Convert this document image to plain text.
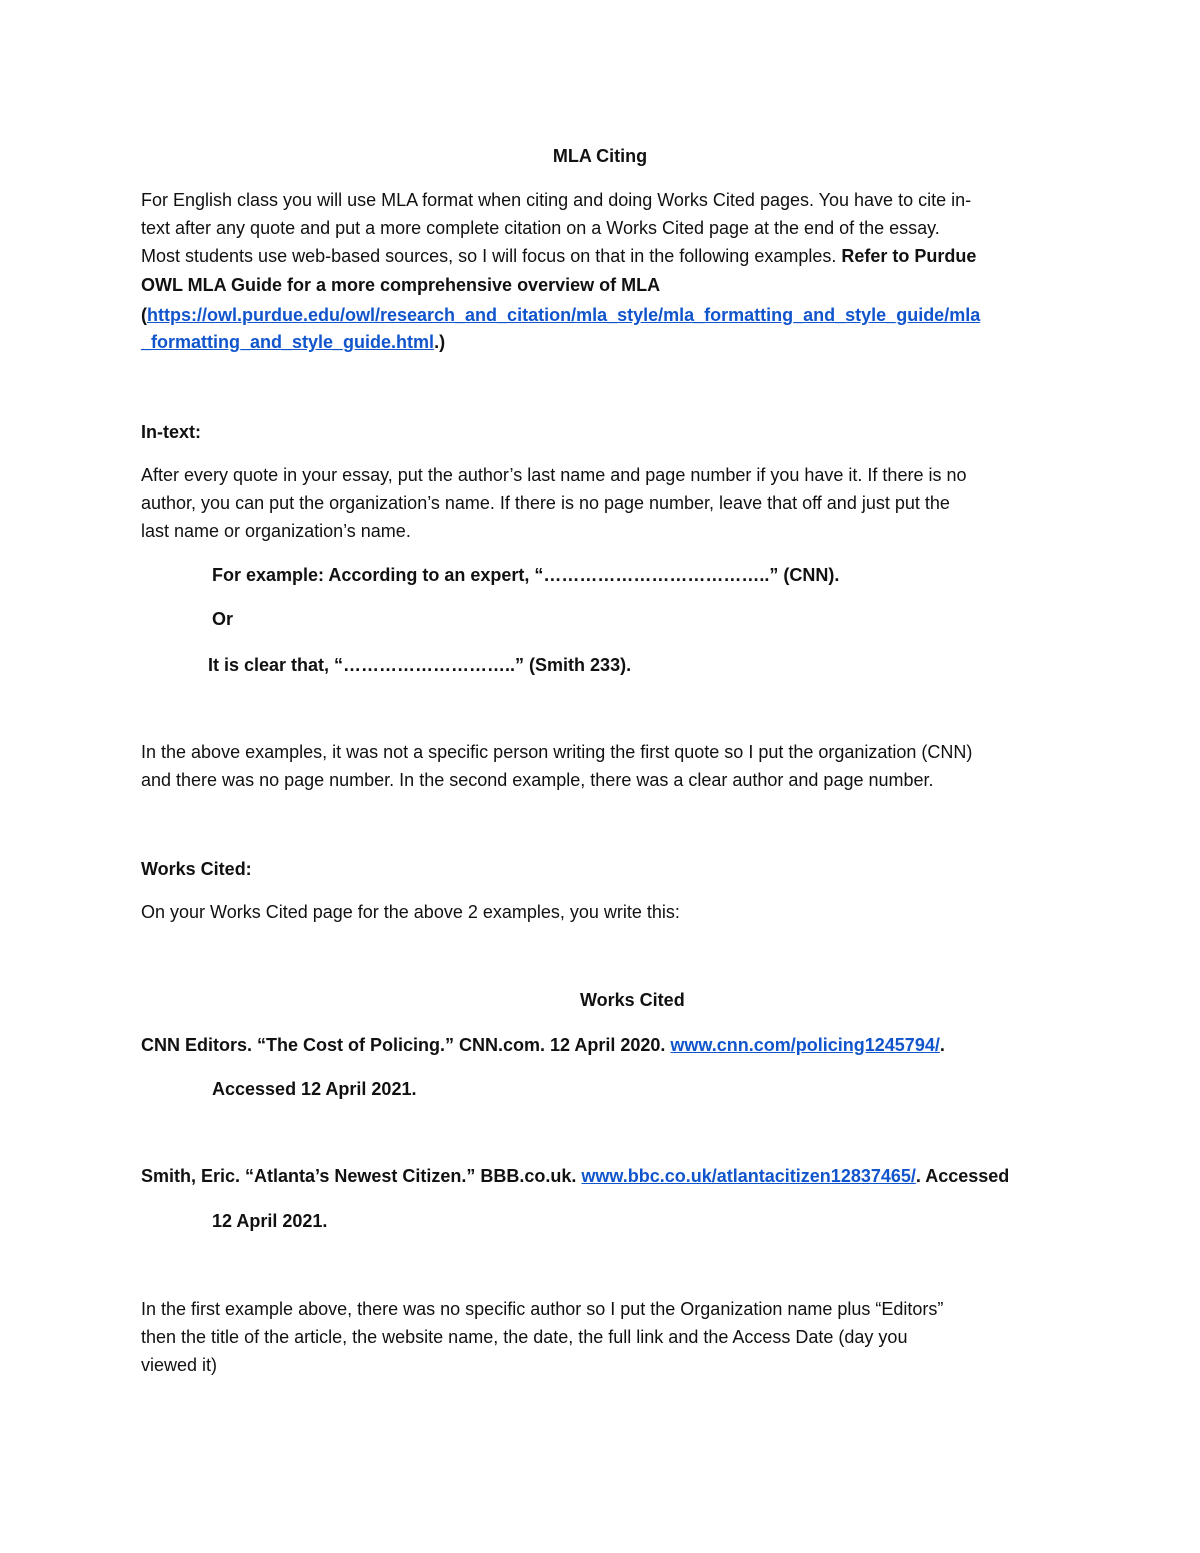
MLA Citing
For English class you will use MLA format when citing and doing Works Cited pages. You have to cite in-
text after any quote and put a more complete citation on a Works Cited page at the end of the essay.
Most students use web-based sources, so I will focus on that in the following examples. Refer to Purdue
OWL MLA Guide for a more comprehensive overview of MLA
(https://owl.purdue.edu/owl/research_and_citation/mla_style/mla_formatting_and_style_guide/mla
_formatting_and_style_guide.html.)
In-text:
After every quote in your essay, put the author’s last name and page number if you have it. If there is no
author, you can put the organization’s name. If there is no page number, leave that off and just put the
last name or organization’s name.
For example: According to an expert, “………………………………..” (CNN).
Or
It is clear that, “………………………..” (Smith 233).
In the above examples, it was not a specific person writing the first quote so I put the organization (CNN)
and there was no page number. In the second example, there was a clear author and page number.
Works Cited:
On your Works Cited page for the above 2 examples, you write this:
Works Cited
CNN Editors. “The Cost of Policing.” CNN.com. 12 April 2020. www.cnn.com/policing1245794/.
Accessed 12 April 2021.
Smith, Eric. “Atlanta’s Newest Citizen.” BBB.co.uk. www.bbc.co.uk/atlantacitizen12837465/. Accessed
12 April 2021.
In the first example above, there was no specific author so I put the Organization name plus “Editors”
then the title of the article, the website name, the date, the full link and the Access Date (day you
viewed it)
